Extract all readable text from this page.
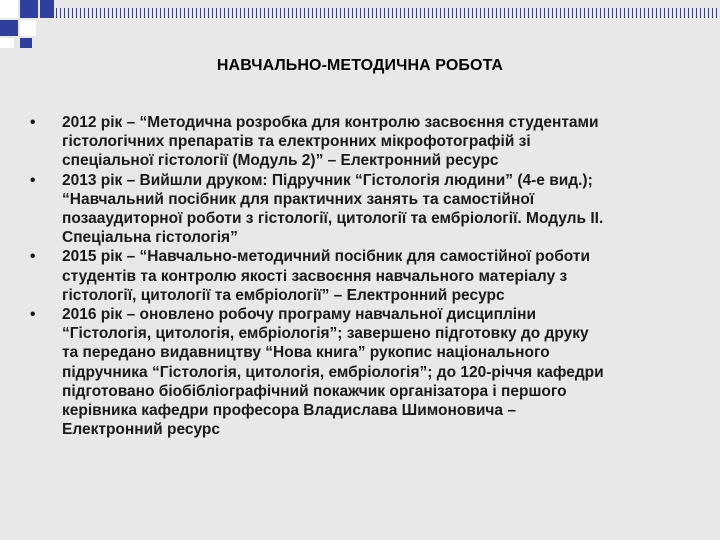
НАВЧАЛЬНО-МЕТОДИЧНА РОБОТА
• 2012 рік – “Методична розробка для контролю засвоєння студентами
гістологічних препаратів та електронних мікрофотографій зі
спеціальної гістології (Модуль 2)” – Електронний ресурс
• 2013 рік – Вийшли друком: Підручник “Гістологія людини” (4-е вид.);
“Навчальний посібник для практичних занять та самостійної
позааудиторної роботи з гістології, цитології та ембріології. Модуль ІІ.
Спеціальна гістологія”
• 2015 рік – “Навчально-методичний посібник для самостійної роботи
студентів та контролю якості засвоєння навчального матеріалу з
гістології, цитології та ембріології” – Електронний ресурс
• 2016 рік – оновлено робочу програму навчальної дисципліни
“Гістологія, цитологія, ембріологія”; завершено підготовку до друку
та передано видавництву “Нова книга” рукопис національного
підручника “Гістологія, цитологія, ембріологія”; до 120-річчя кафедри
підготовано біобібліографічний покажчик організатора і першого
керівника кафедри професора Владислава Шимоновича –
Електронний ресурс
